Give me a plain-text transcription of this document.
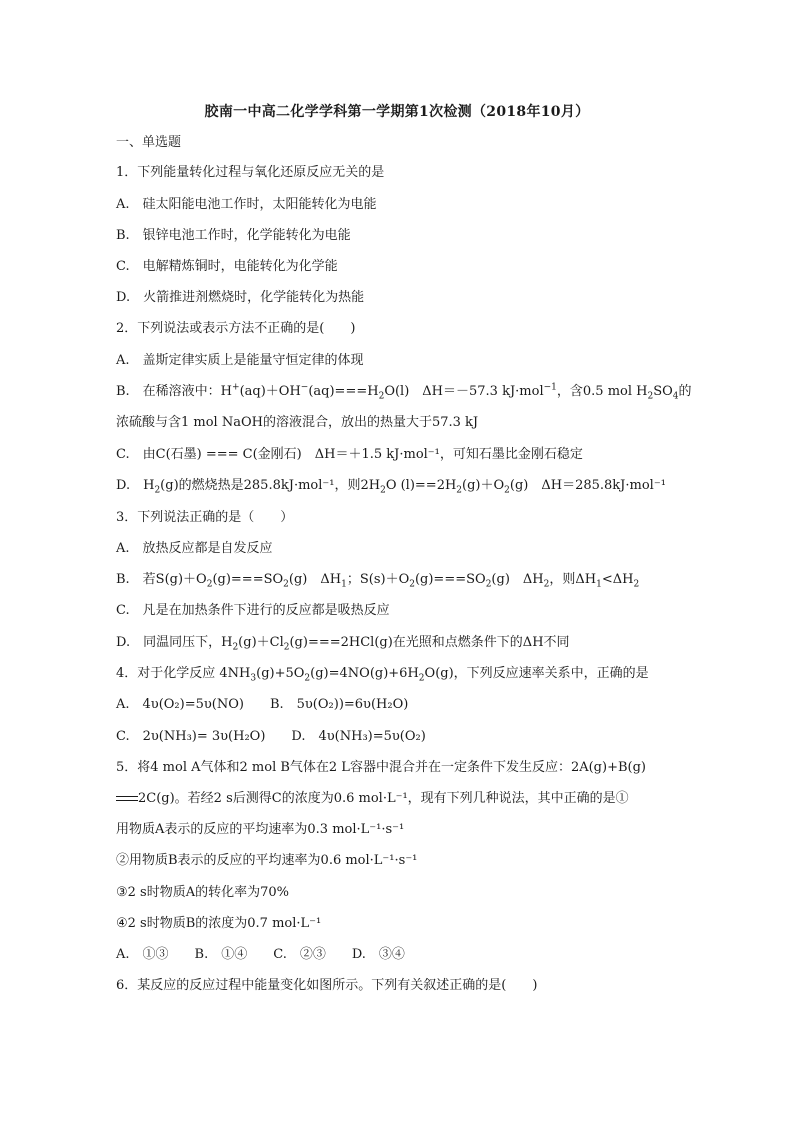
胶南一中高二化学学科第一学期第1次检测（2018年10月）
一、单选题
1．下列能量转化过程与氧化还原反应无关的是
A.　硅太阳能电池工作时，太阳能转化为电能
B.　银锌电池工作时，化学能转化为电能
C.　电解精炼铜时，电能转化为化学能
D.　火箭推进剂燃烧时，化学能转化为热能
2．下列说法或表示方法不正确的是(　　)
A.　盖斯定律实质上是能量守恒定律的体现
B.　在稀溶液中：$H^+(aq)+OH^-(aq)===H_2O(l)$　ΔH＝－57.3 kJ·mol$^{-1}$，含0.5 mol $H_2SO_4$的
浓硫酸与含1 mol NaOH的溶液混合，放出的热量大于57.3 kJ
C.　由C(石墨) === C(金刚石)　ΔH＝＋1.5 kJ·mol⁻¹，可知石墨比金刚石稳定
D.　$H_2(g)$的燃烧热是285.8kJ·mol⁻¹，则$2H_2O$ $(l)==2H_2(g)+O_2(g)$　ΔH＝285.8kJ·mol⁻¹
3．下列说法正确的是（　　）
A.　放热反应都是自发反应
B.　若$S(g)+O_2(g)===SO_2(g)$　$\Delta H_1$；$S(s)+O_2(g)===SO_2(g)$　$\Delta H_2$，则$\Delta H_1<\Delta H_2$
C.　凡是在加热条件下进行的反应都是吸热反应
D.　同温同压下，$H_2(g)+Cl_2(g)===2HCl(g)$在光照和点燃条件下的ΔH不同
4．对于化学反应 $4NH_3(g)+5O_2(g)=4NO(g)+6H_2O(g)$，下列反应速率关系中，正确的是
A.　4υ(O₂)=5υ(NO)　　B.　5υ(O₂))=6υ(H₂O)
C.　2υ(NH₃)= 3υ(H₂O)　　D.　4υ(NH₃)=5υ(O₂)
5．将4 mol A气体和2 mol B气体在2 L容器中混合并在一定条件下发生反应：2A(g)+B(g)
2C(g)。若经2 s后测得C的浓度为0.6 mol·L⁻¹，现有下列几种说法，其中正确的是①
用物质A表示的反应的平均速率为0.3 mol·L⁻¹·s⁻¹
②用物质B表示的反应的平均速率为0.6 mol·L⁻¹·s⁻¹
③2 s时物质A的转化率为70%
④2 s时物质B的浓度为0.7 mol·L⁻¹
A.　①③　　B.　①④　　C.　②③　　D.　③④
6．某反应的反应过程中能量变化如图所示。下列有关叙述正确的是(　　)
